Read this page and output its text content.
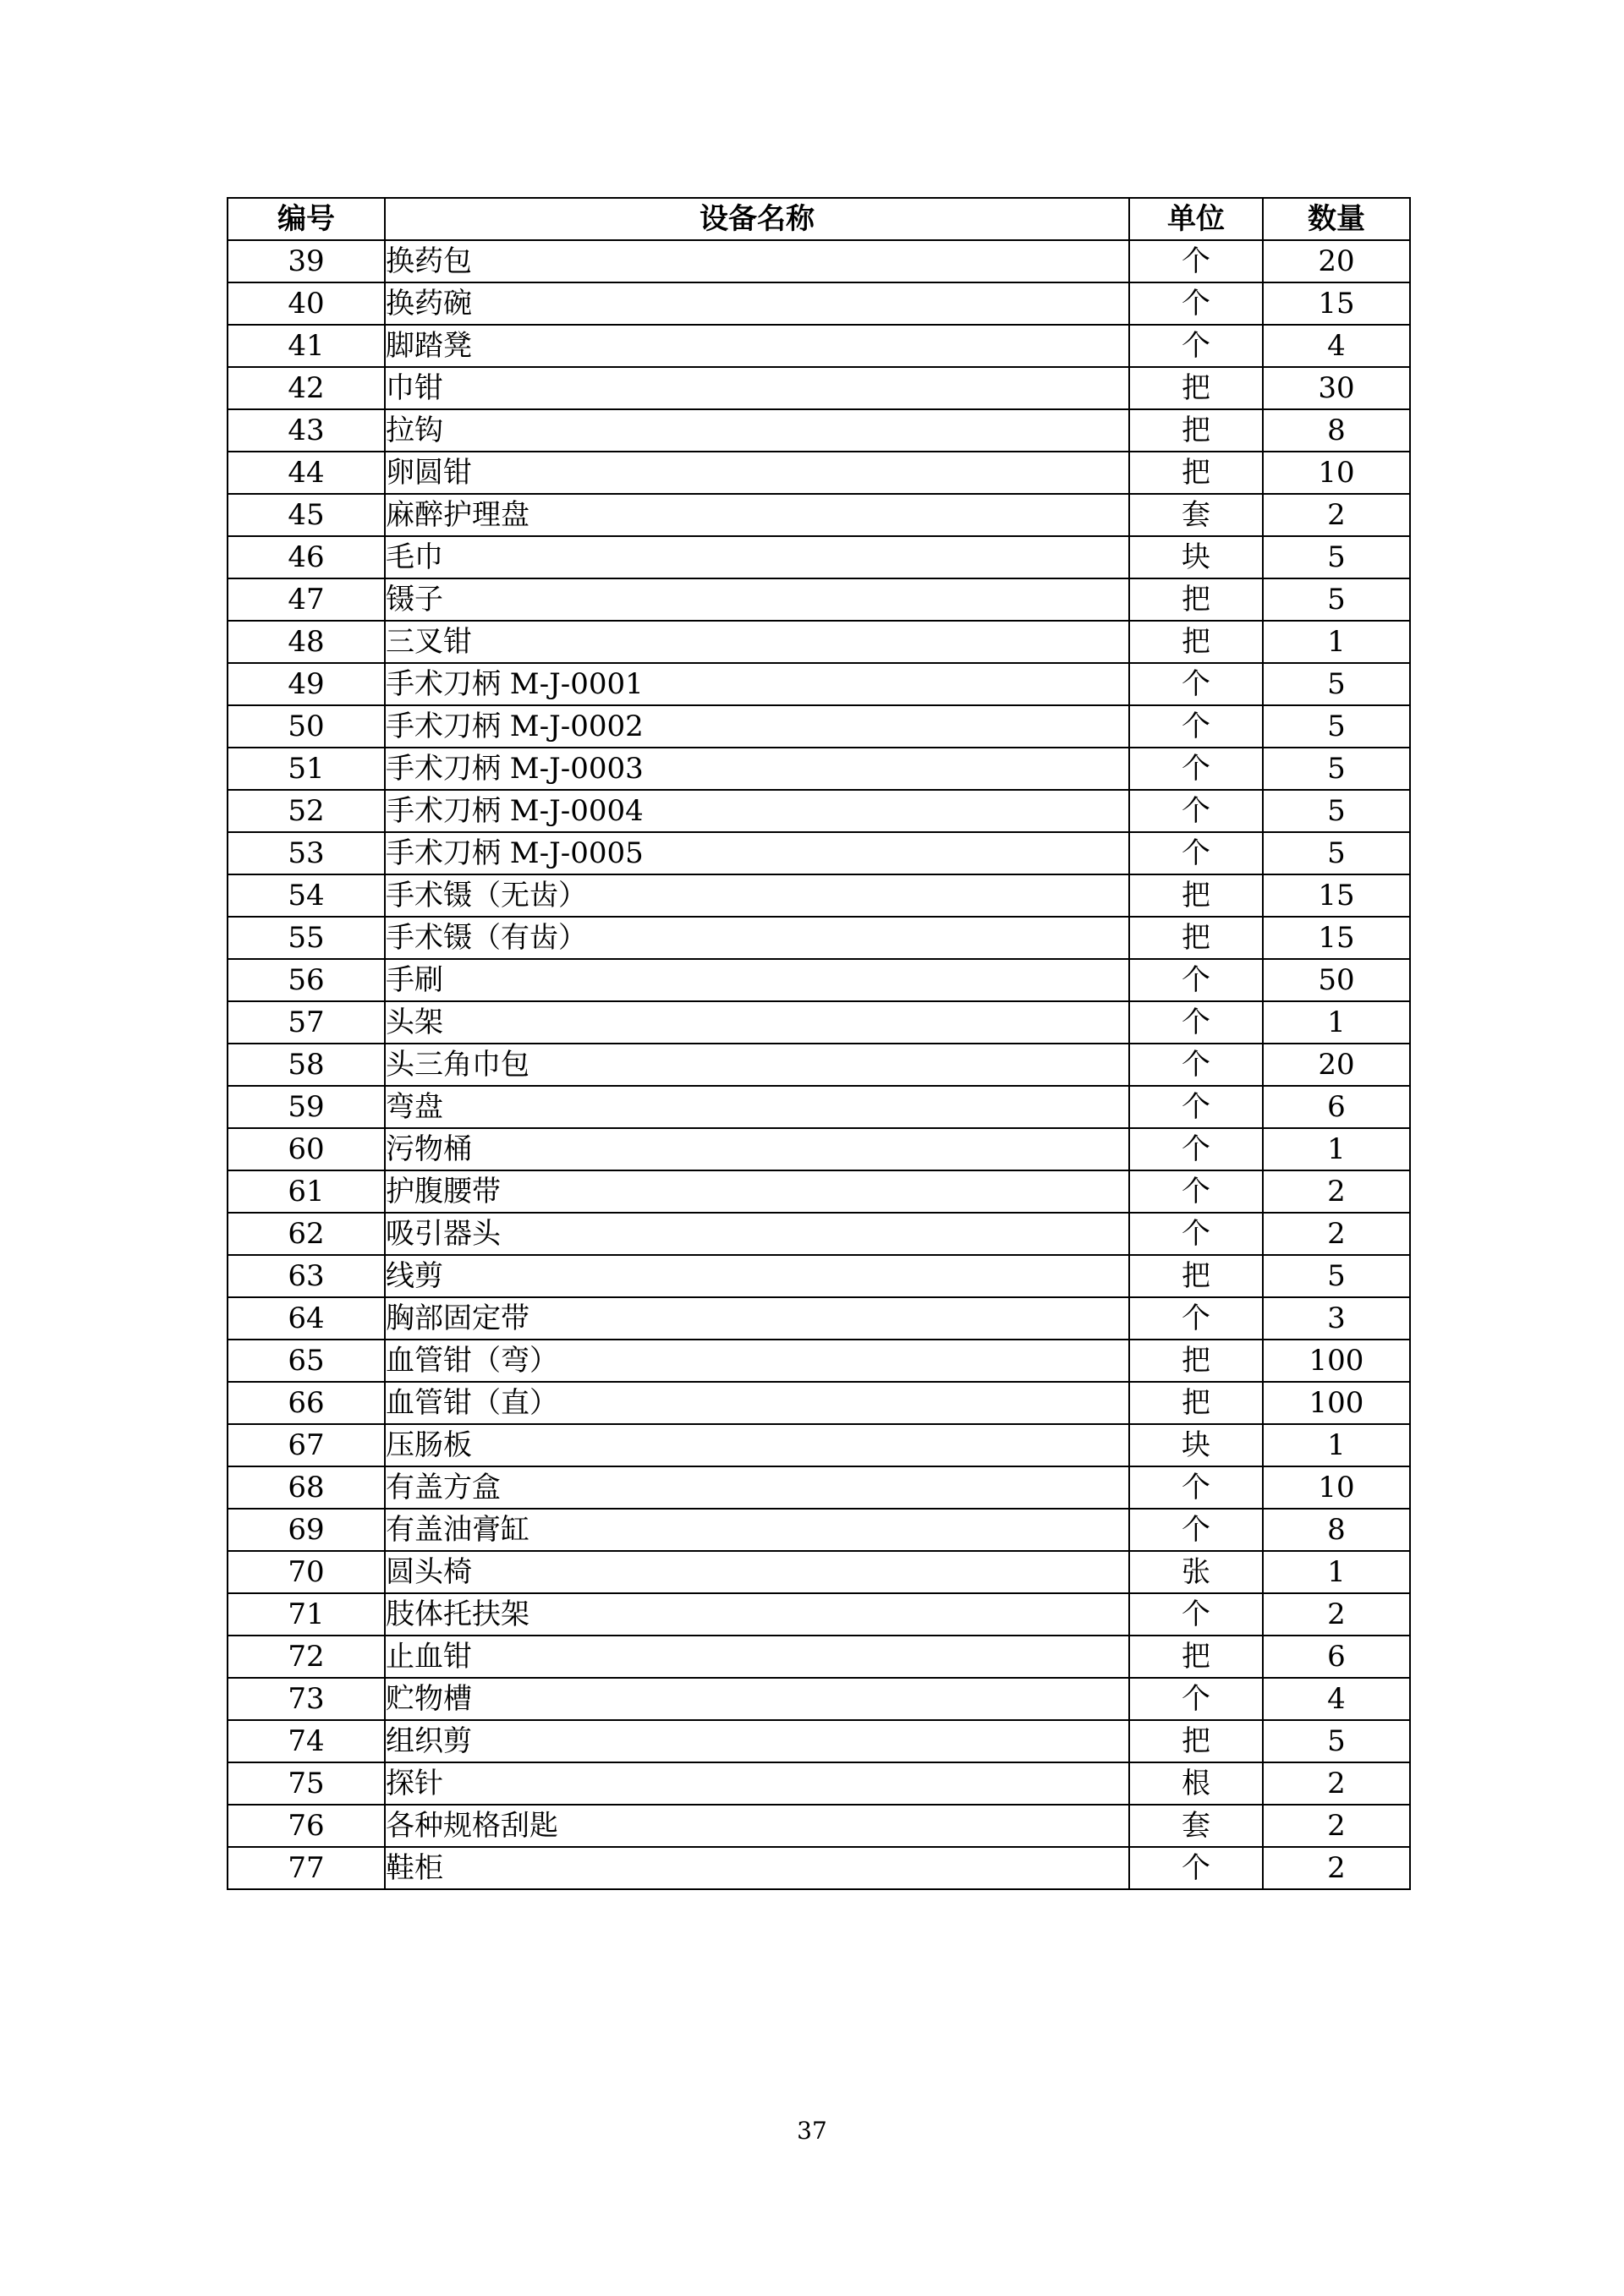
编号	设备名称	单位	数量
39	换药包	个	20
40	换药碗	个	15
41	脚踏凳	个	4
42	巾钳	把	30
43	拉钩	把	8
44	卵圆钳	把	10
45	麻醉护理盘	套	2
46	毛巾	块	5
47	镊子	把	5
48	三叉钳	把	1
49	手术刀柄 M-J-0001	个	5
50	手术刀柄 M-J-0002	个	5
51	手术刀柄 M-J-0003	个	5
52	手术刀柄 M-J-0004	个	5
53	手术刀柄 M-J-0005	个	5
54	手术镊（无齿）	把	15
55	手术镊（有齿）	把	15
56	手刷	个	50
57	头架	个	1
58	头三角巾包	个	20
59	弯盘	个	6
60	污物桶	个	1
61	护腹腰带	个	2
62	吸引器头	个	2
63	线剪	把	5
64	胸部固定带	个	3
65	血管钳（弯）	把	100
66	血管钳（直）	把	100
67	压肠板	块	1
68	有盖方盒	个	10
69	有盖油膏缸	个	8
70	圆头椅	张	1
71	肢体托扶架	个	2
72	止血钳	把	6
73	贮物槽	个	4
74	组织剪	把	5
75	探针	根	2
76	各种规格刮匙	套	2
77	鞋柜	个	2
37
